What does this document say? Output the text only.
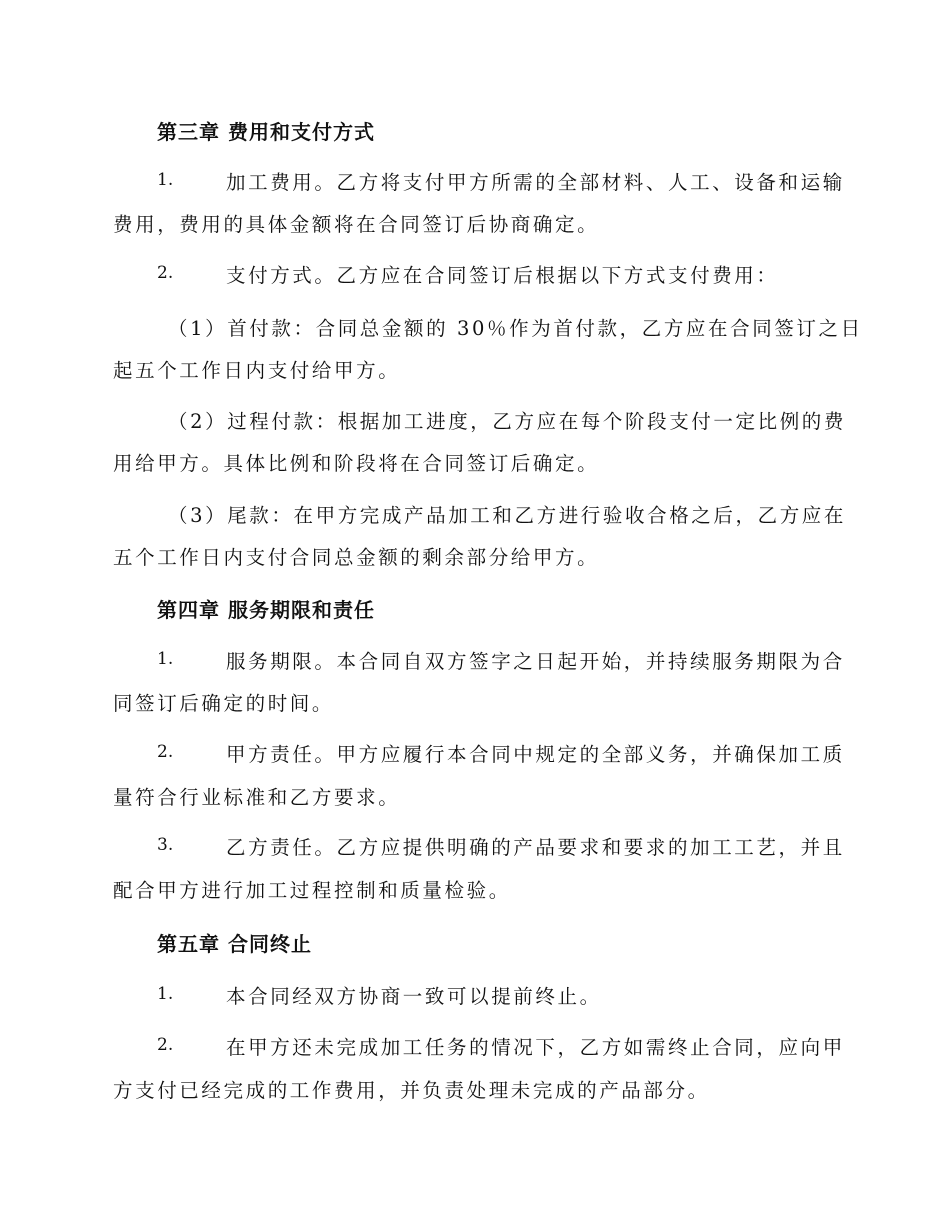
第三章 费用和支付方式
1.	加工费用。乙方将支付甲方所需的全部材料、人工、设备和运输
费用，费用的具体金额将在合同签订后协商确定。
2.	支付方式。乙方应在合同签订后根据以下方式支付费用：
（1）首付款：合同总金额的 30％作为首付款，乙方应在合同签订之日
起五个工作日内支付给甲方。
（2）过程付款：根据加工进度，乙方应在每个阶段支付一定比例的费
用给甲方。具体比例和阶段将在合同签订后确定。
（3）尾款：在甲方完成产品加工和乙方进行验收合格之后，乙方应在
五个工作日内支付合同总金额的剩余部分给甲方。
第四章 服务期限和责任
1.	服务期限。本合同自双方签字之日起开始，并持续服务期限为合
同签订后确定的时间。
2.	甲方责任。甲方应履行本合同中规定的全部义务，并确保加工质
量符合行业标准和乙方要求。
3.	乙方责任。乙方应提供明确的产品要求和要求的加工工艺，并且
配合甲方进行加工过程控制和质量检验。
第五章 合同终止
1.	本合同经双方协商一致可以提前终止。
2.	在甲方还未完成加工任务的情况下，乙方如需终止合同，应向甲
方支付已经完成的工作费用，并负责处理未完成的产品部分。
